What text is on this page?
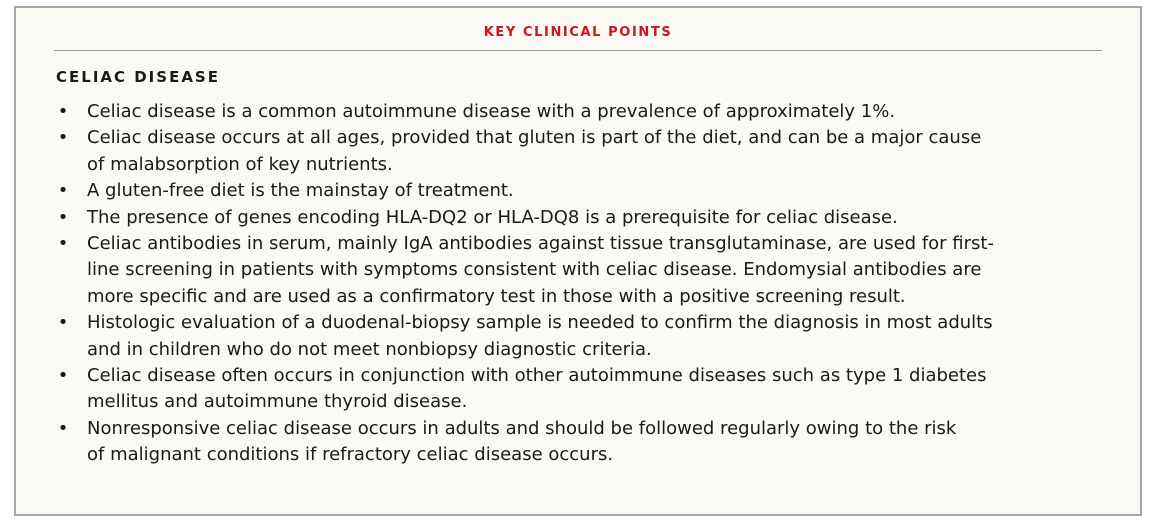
KEY CLINICAL POINTS
CELIAC DISEASE
• Celiac disease is a common autoimmune disease with a prevalence of approximately 1%.
• Celiac disease occurs at all ages, provided that gluten is part of the diet, and can be a major cause
of malabsorption of key nutrients.
• A gluten-free diet is the mainstay of treatment.
• The presence of genes encoding HLA-DQ2 or HLA-DQ8 is a prerequisite for celiac disease.
• Celiac antibodies in serum, mainly IgA antibodies against tissue transglutaminase, are used for first-
line screening in patients with symptoms consistent with celiac disease. Endomysial antibodies are
more specific and are used as a confirmatory test in those with a positive screening result.
• Histologic evaluation of a duodenal-biopsy sample is needed to confirm the diagnosis in most adults
and in children who do not meet nonbiopsy diagnostic criteria.
• Celiac disease often occurs in conjunction with other autoimmune diseases such as type 1 diabetes
mellitus and autoimmune thyroid disease.
• Nonresponsive celiac disease occurs in adults and should be followed regularly owing to the risk
of malignant conditions if refractory celiac disease occurs.
